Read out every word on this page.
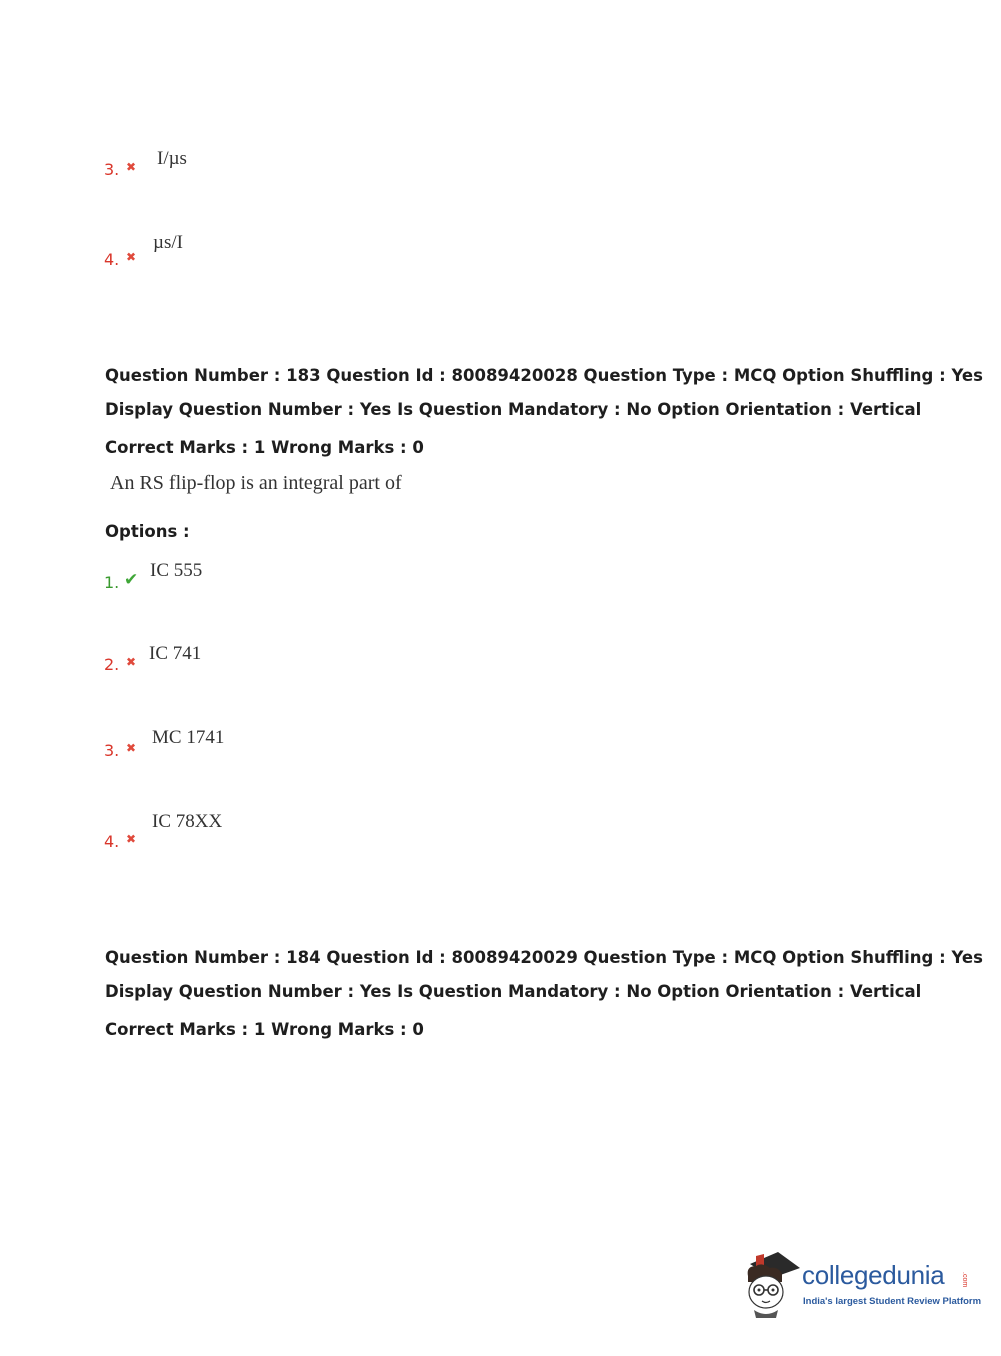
3. ✖ I/µs
4. ✖
µs/I
Question Number : 183 Question Id : 80089420028 Question Type : MCQ Option Shuffling : Yes
Display Question Number : Yes Is Question Mandatory : No Option Orientation : Vertical
Correct Marks : 1 Wrong Marks : 0
An RS flip-flop is an integral part of
Options :
1. ✔ IC 555
2. ✖ IC 741
3. ✖ MC 1741
4. ✖
IC 78XX
Question Number : 184 Question Id : 80089420029 Question Type : MCQ Option Shuffling : Yes
Display Question Number : Yes Is Question Mandatory : No Option Orientation : Vertical
Correct Marks : 1 Wrong Marks : 0
collegedunia .com
India's largest Student Review Platform
